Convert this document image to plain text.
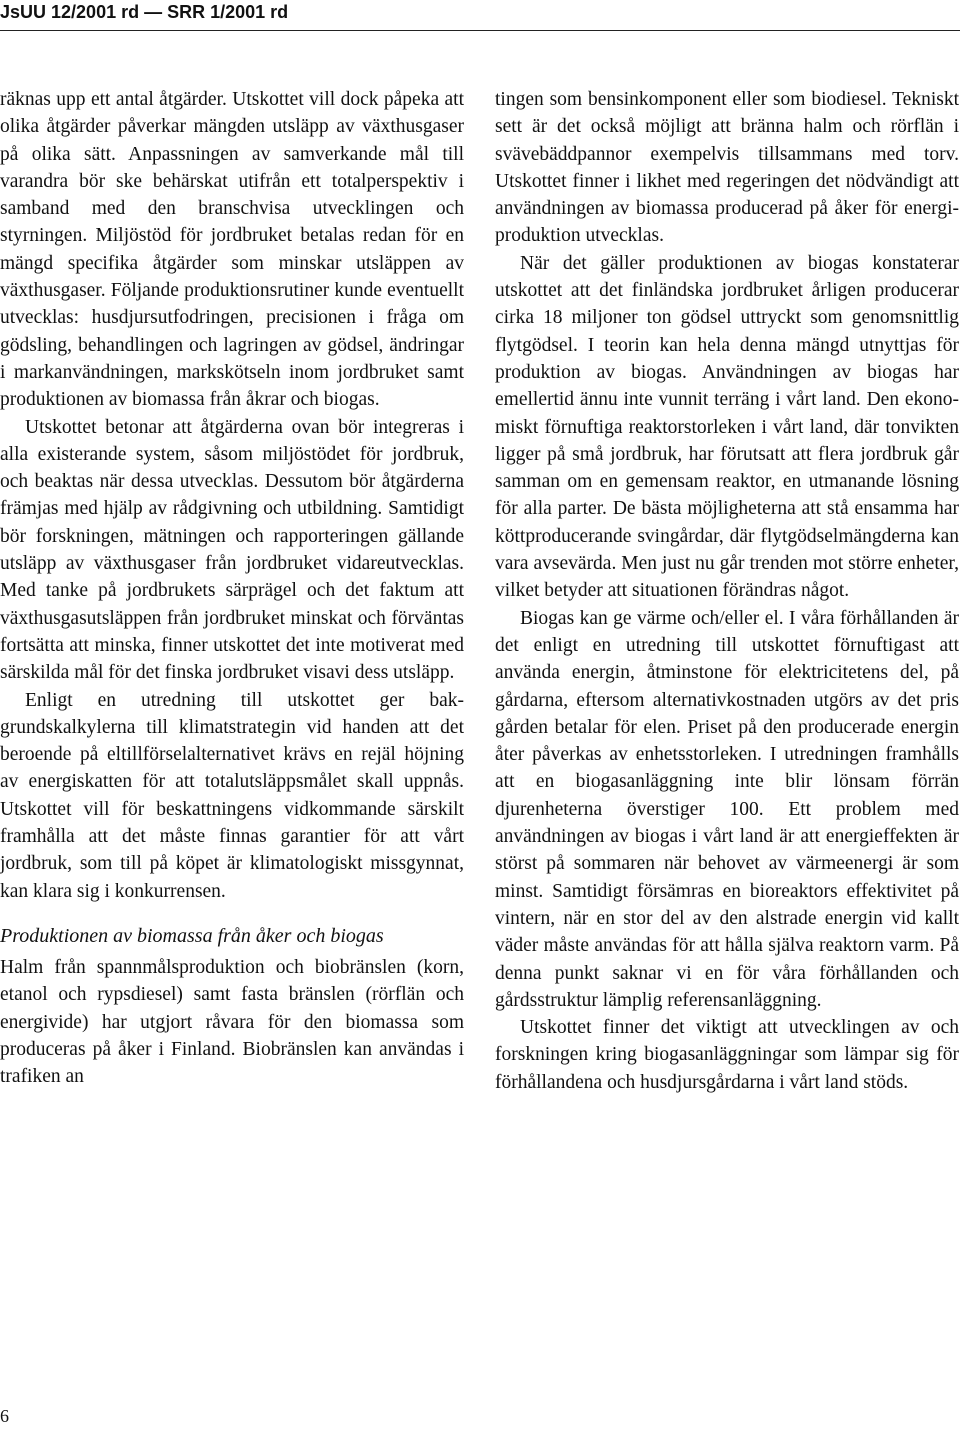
JsUU 12/2001 rd — SRR 1/2001 rd

räknas upp ett antal åtgärder. Utskottet vill dock påpeka att olika åtgärder påverkar mängden utsläpp av växthusgaser på olika sätt. Anpassningen av samverkande mål till varandra bör ske behärskat utifrån ett totalperspektiv i samband med den branschvisa utvecklingen och styrningen. Miljöstöd för jordbruket betalas redan för en mängd specifika åtgärder som minskar utsläppen av växthusgaser. Följande produktionsrutiner kunde eventuellt utvecklas: husdjursutfodringen, precisionen i fråga om gödsling, behandlingen och lagringen av gödsel, ändringar i markanvändningen, markskötseln inom jordbruket samt produktionen av biomassa från åkrar och biogas.

Utskottet betonar att åtgärderna ovan bör integreras i alla existerande system, såsom miljöstödet för jordbruk, och beaktas när dessa utvecklas. Dessutom bör åtgärderna främjas med hjälp av rådgivning och utbildning. Samtidigt bör forskningen, mätningen och rapporteringen gällande utsläpp av växthusgaser från jordbruket vidareutvecklas. Med tanke på jordbrukets särprägel och det faktum att växthusgasutsläppen från jordbruket minskat och förväntas fortsätta att minska, finner utskottet det inte motiverat med särskilda mål för det finska jordbruket visavi dess utsläpp.

Enligt en utredning till utskottet ger bakgrundskalkylerna till klimatstrategin vid handen att det beroende på eltillförselalternativet krävs en rejäl höjning av energiskatten för att totalutsläppsmålet skall uppnås. Utskottet vill för beskattningens vidkommande särskilt framhålla att det måste finnas garantier för att vårt jordbruk, som till på köpet är klimatologiskt missgynnat, kan klara sig i konkurrensen.

Produktionen av biomassa från åker och biogas

Halm från spannmålsproduktion och biobränslen (korn, etanol och rypsdiesel) samt fasta bränslen (rörflän och energivide) har utgjort råvara för den biomassa som produceras på åker i Finland. Biobränslen kan användas i trafiken an

tingen som bensinkomponent eller som biodiesel. Tekniskt sett är det också möjligt att bränna halm och rörflän i svävebäddpannor exempelvis tillsammans med torv. Utskottet finner i likhet med regeringen det nödvändigt att användningen av biomassa producerad på åker för energiproduktion utvecklas.

När det gäller produktionen av biogas konstaterar utskottet att det finländska jordbruket årligen producerar cirka 18 miljoner ton gödsel uttryckt som genomsnittlig flytgödsel. I teorin kan hela denna mängd utnyttjas för produktion av biogas. Användningen av biogas har emellertid ännu inte vunnit terräng i vårt land. Den ekonomiskt förnuftiga reaktorstorleken i vårt land, där tonvikten ligger på små jordbruk, har förutsatt att flera jordbruk går samman om en gemensam reaktor, en utmanande lösning för alla parter. De bästa möjligheterna att stå ensamma har köttproducerande svingårdar, där flytgödselmängderna kan vara avsevärda. Men just nu går trenden mot större enheter, vilket betyder att situationen förändras något.

Biogas kan ge värme och/eller el. I våra förhållanden är det enligt en utredning till utskottet förnuftigast att använda energin, åtminstone för elektricitetens del, på gårdarna, eftersom alternativkostnaden utgörs av det pris gården betalar för elen. Priset på den producerade energin åter påverkas av enhetsstorleken. I utredningen framhålls att en biogasanläggning inte blir lönsam förrän djurenheterna överstiger 100. Ett problem med användningen av biogas i vårt land är att energieffekten är störst på sommaren när behovet av värmeenergi är som minst. Samtidigt försämras en bioreaktors effektivitet på vintern, när en stor del av den alstrade energin vid kallt väder måste användas för att hålla själva reaktorn varm. På denna punkt saknar vi en för våra förhållanden och gårdsstruktur lämplig referensanläggning.

Utskottet finner det viktigt att utvecklingen av och forskningen kring biogasanläggningar som lämpar sig för förhållandena och husdjursgårdarna i vårt land stöds.

6
